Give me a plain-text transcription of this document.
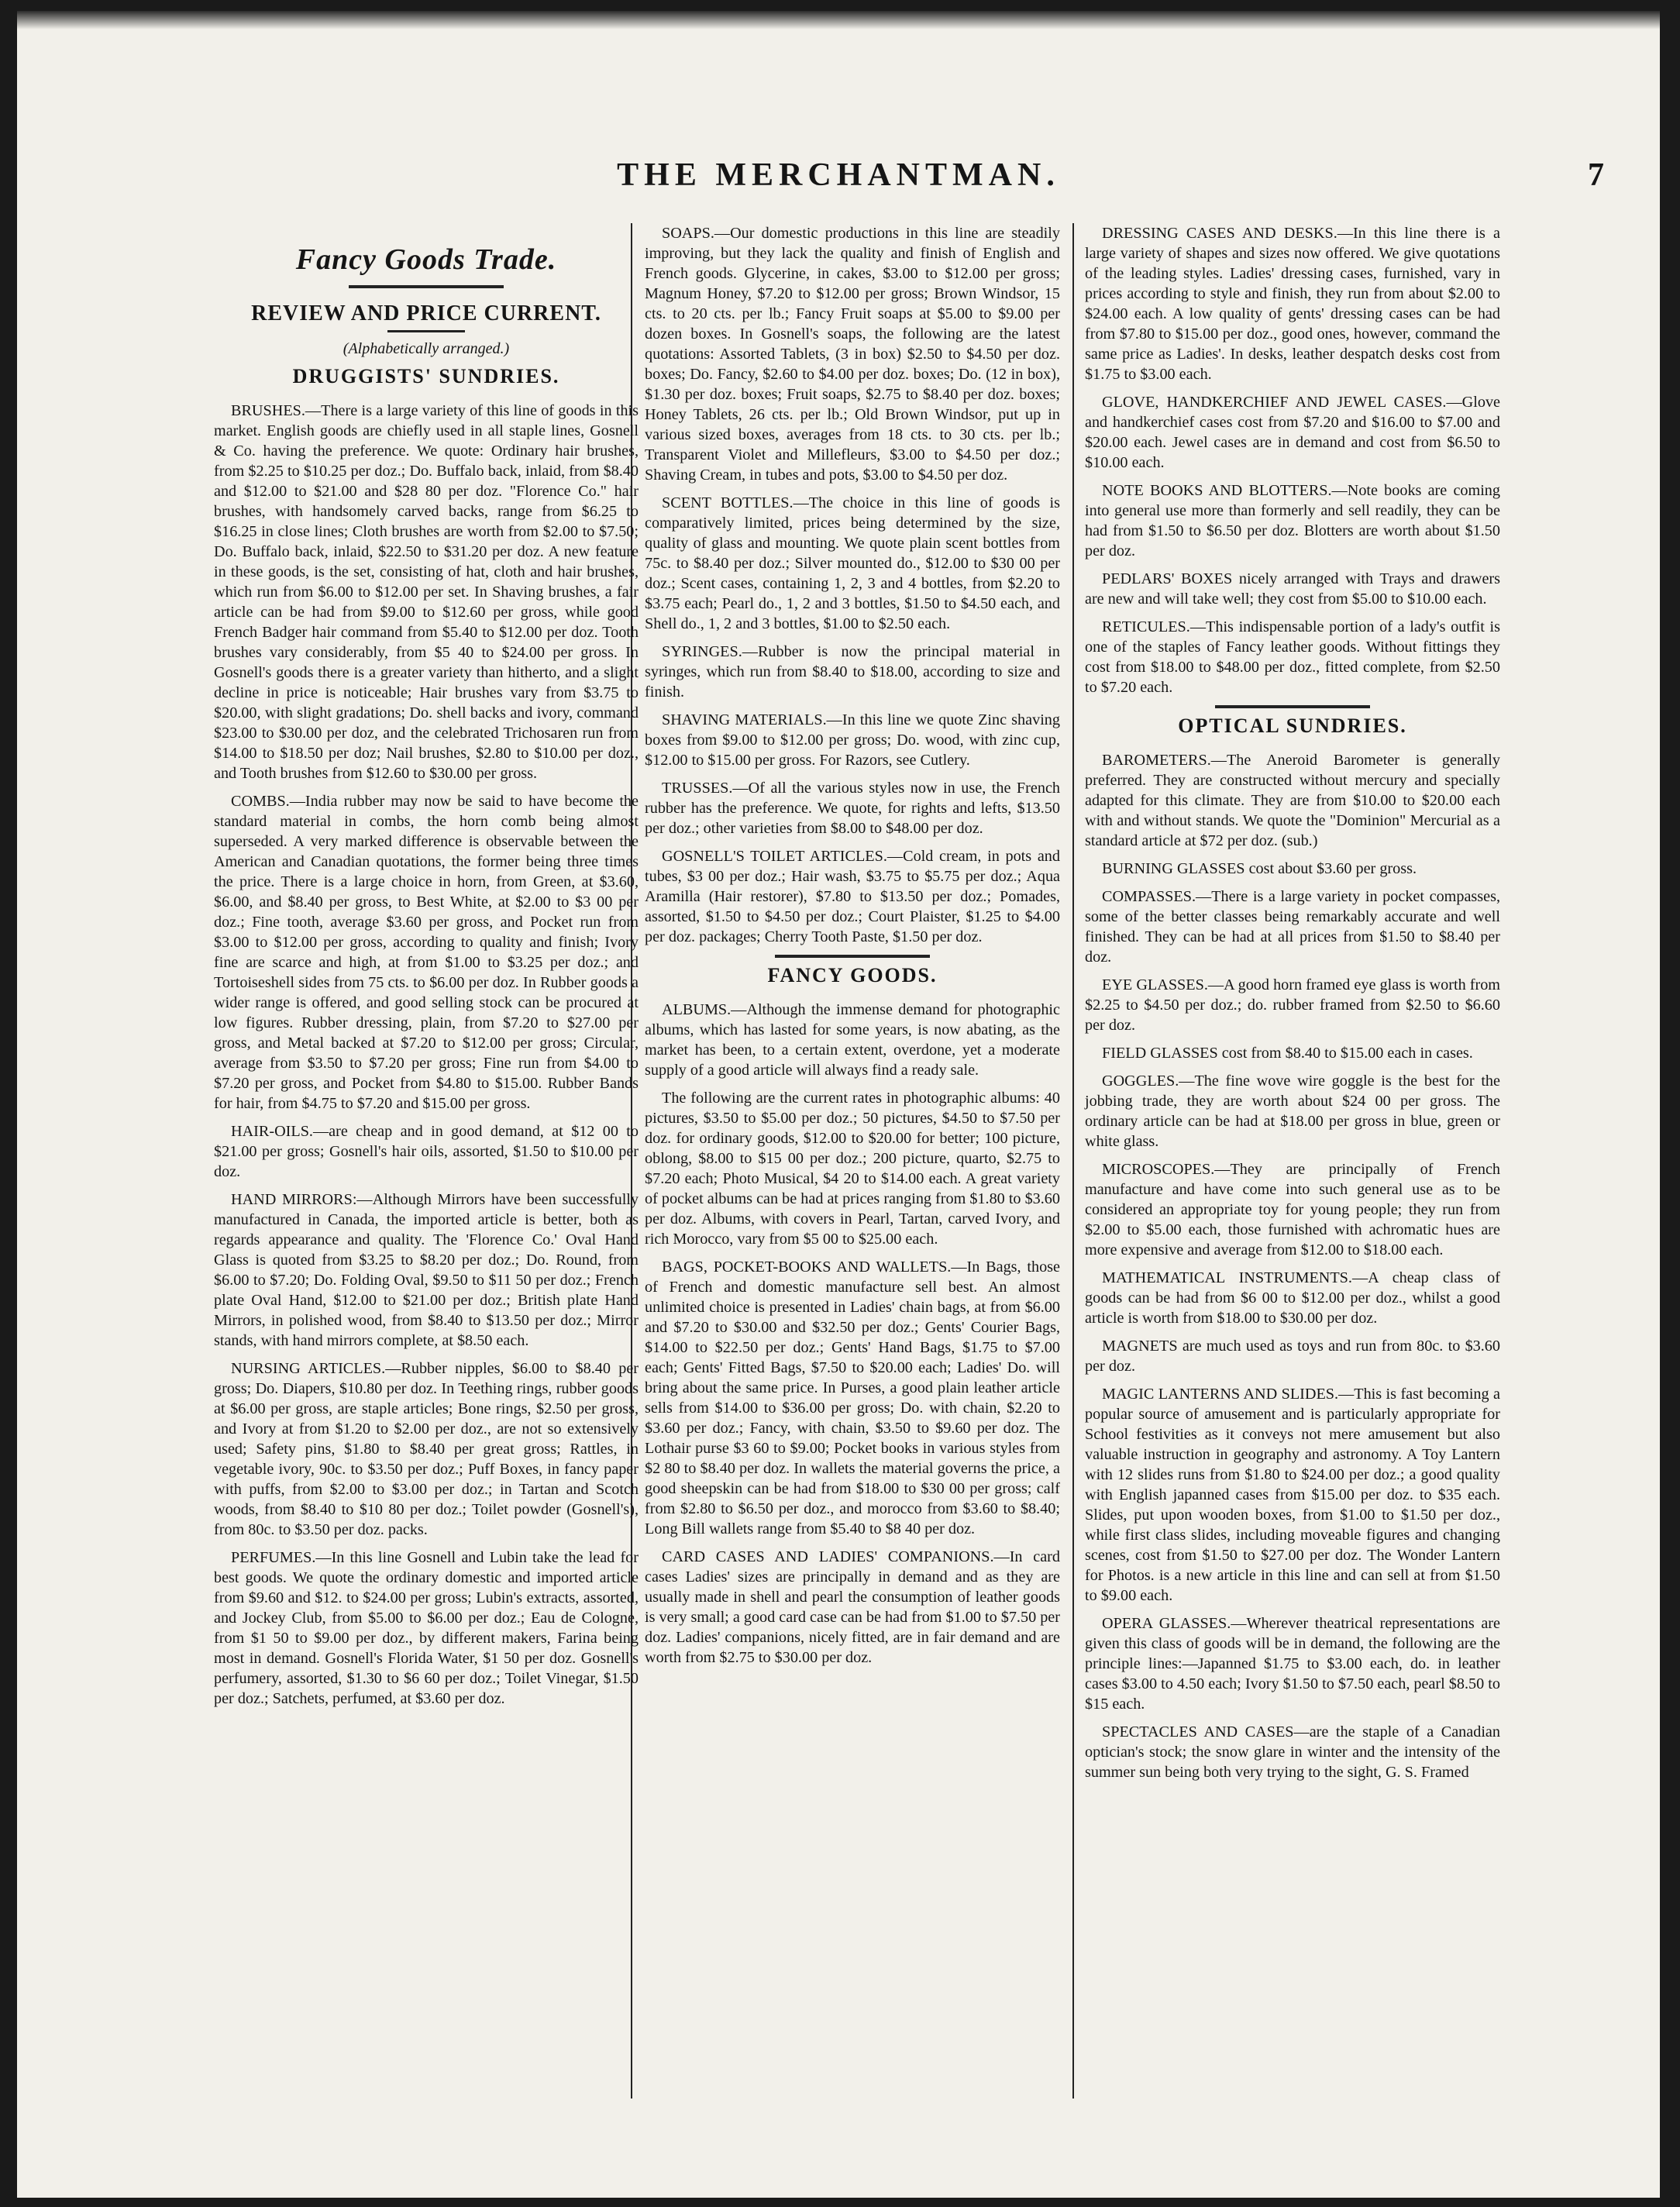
THE MERCHANTMAN.	7
Fancy Goods Trade.
REVIEW AND PRICE CURRENT.
(Alphabetically arranged.)
DRUGGISTS' SUNDRIES.

BRUSHES.—There is a large variety of this line of goods in this market. English goods are chiefly used in all staple lines, Gosnell & Co. having the preference. We quote: Ordinary hair brushes, from $2.25 to $10.25 per doz.; Do. Buffalo back, inlaid, from $8.40 and $12.00 to $21.00 and $28 80 per doz. "Florence Co." hair brushes, with handsomely carved backs, range from $6.25 to $16.25 in close lines; Cloth brushes are worth from $2.00 to $7.50; Do. Buffalo back, inlaid, $22.50 to $31.20 per doz. A new feature in these goods, is the set, consisting of hat, cloth and hair brushes, which run from $6.00 to $12.00 per set. In Shaving brushes, a fair article can be had from $9.00 to $12.60 per gross, while good French Badger hair command from $5.40 to $12.00 per doz. Tooth brushes vary considerably, from $5 40 to $24.00 per gross. In Gosnell's goods there is a greater variety than hitherto, and a slight decline in price is noticeable; Hair brushes vary from $3.75 to $20.00, with slight gradations; Do. shell backs and ivory, command $23.00 to $30.00 per doz, and the celebrated Trichosaren run from $14.00 to $18.50 per doz; Nail brushes, $2.80 to $10.00 per doz., and Tooth brushes from $12.60 to $30.00 per gross.

COMBS.—India rubber may now be said to have become the standard material in combs, the horn comb being almost superseded. A very marked difference is observable between the American and Canadian quotations, the former being three times the price. There is a large choice in horn, from Green, at $3.60, $6.00, and $8.40 per gross, to Best White, at $2.00 to $3 00 per doz.; Fine tooth, average $3.60 per gross, and Pocket run from $3.00 to $12.00 per gross, according to quality and finish; Ivory fine are scarce and high, at from $1.00 to $3.25 per doz.; and Tortoiseshell sides from 75 cts. to $6.00 per doz. In Rubber goods a wider range is offered, and good selling stock can be procured at low figures. Rubber dressing, plain, from $7.20 to $27.00 per gross, and Metal backed at $7.20 to $12.00 per gross; Circular, average from $3.50 to $7.20 per gross; Fine run from $4.00 to $7.20 per gross, and Pocket from $4.80 to $15.00. Rubber Bands for hair, from $4.75 to $7.20 and $15.00 per gross.

HAIR-OILS.—are cheap and in good demand, at $12 00 to $21.00 per gross; Gosnell's hair oils, assorted, $1.50 to $10.00 per doz.

HAND MIRRORS:—Although Mirrors have been successfully manufactured in Canada, the imported article is better, both as regards appearance and quality. The 'Florence Co.' Oval Hand Glass is quoted from $3.25 to $8.20 per doz.; Do. Round, from $6.00 to $7.20; Do. Folding Oval, $9.50 to $11 50 per doz.; French plate Oval Hand, $12.00 to $21.00 per doz.; British plate Hand Mirrors, in polished wood, from $8.40 to $13.50 per doz.; Mirror stands, with hand mirrors complete, at $8.50 each.

NURSING ARTICLES.—Rubber nipples, $6.00 to $8.40 per gross; Do. Diapers, $10.80 per doz. In Teething rings, rubber goods at $6.00 per gross, are staple articles; Bone rings, $2.50 per gross, and Ivory at from $1.20 to $2.00 per doz., are not so extensively used; Safety pins, $1.80 to $8.40 per great gross; Rattles, in vegetable ivory, 90c. to $3.50 per doz.; Puff Boxes, in fancy paper with puffs, from $2.00 to $3.00 per doz.; in Tartan and Scotch woods, from $8.40 to $10 80 per doz.; Toilet powder (Gosnell's), from 80c. to $3.50 per doz. packs.

PERFUMES.—In this line Gosnell and Lubin take the lead for best goods. We quote the ordinary domestic and imported article from $9.60 and $12. to $24.00 per gross; Lubin's extracts, assorted, and Jockey Club, from $5.00 to $6.00 per doz.; Eau de Cologne, from $1 50 to $9.00 per doz., by different makers, Farina being most in demand. Gosnell's Florida Water, $1 50 per doz. Gosnell's perfumery, assorted, $1.30 to $6 60 per doz.; Toilet Vinegar, $1.50 per doz.; Satchets, perfumed, at $3.60 per doz.

SOAPS.—Our domestic productions in this line are steadily improving, but they lack the quality and finish of English and French goods. Glycerine, in cakes, $3.00 to $12.00 per gross; Magnum Honey, $7.20 to $12.00 per gross; Brown Windsor, 15 cts. to 20 cts. per lb.; Fancy Fruit soaps at $5.00 to $9.00 per dozen boxes. In Gosnell's soaps, the following are the latest quotations: Assorted Tablets, (3 in box) $2.50 to $4.50 per doz. boxes; Do. Fancy, $2.60 to $4.00 per doz. boxes; Do. (12 in box), $1.30 per doz. boxes; Fruit soaps, $2.75 to $8.40 per doz. boxes; Honey Tablets, 26 cts. per lb.; Old Brown Windsor, put up in various sized boxes, averages from 18 cts. to 30 cts. per lb.; Transparent Violet and Millefleurs, $3.00 to $4.50 per doz.; Shaving Cream, in tubes and pots, $3.00 to $4.50 per doz.

SCENT BOTTLES.—The choice in this line of goods is comparatively limited, prices being determined by the size, quality of glass and mounting. We quote plain scent bottles from 75c. to $8.40 per doz.; Silver mounted do., $12.00 to $30 00 per doz.; Scent cases, containing 1, 2, 3 and 4 bottles, from $2.20 to $3.75 each; Pearl do., 1, 2 and 3 bottles, $1.50 to $4.50 each, and Shell do., 1, 2 and 3 bottles, $1.00 to $2.50 each.

SYRINGES.—Rubber is now the principal material in syringes, which run from $8.40 to $18.00, according to size and finish.

SHAVING MATERIALS.—In this line we quote Zinc shaving boxes from $9.00 to $12.00 per gross; Do. wood, with zinc cup, $12.00 to $15.00 per gross. For Razors, see Cutlery.

TRUSSES.—Of all the various styles now in use, the French rubber has the preference. We quote, for rights and lefts, $13.50 per doz.; other varieties from $8.00 to $48.00 per doz.

GOSNELL'S TOILET ARTICLES.—Cold cream, in pots and tubes, $3 00 per doz.; Hair wash, $3.75 to $5.75 per doz.; Aqua Aramilla (Hair restorer), $7.80 to $13.50 per doz.; Pomades, assorted, $1.50 to $4.50 per doz.; Court Plaister, $1.25 to $4.00 per doz. packages; Cherry Tooth Paste, $1.50 per doz.

FANCY GOODS.

ALBUMS.—Although the immense demand for photographic albums, which has lasted for some years, is now abating, as the market has been, to a certain extent, overdone, yet a moderate supply of a good article will always find a ready sale.

The following are the current rates in photographic albums: 40 pictures, $3.50 to $5.00 per doz.; 50 pictures, $4.50 to $7.50 per doz. for ordinary goods, $12.00 to $20.00 for better; 100 picture, oblong, $8.00 to $15 00 per doz.; 200 picture, quarto, $2.75 to $7.20 each; Photo Musical, $4 20 to $14.00 each. A great variety of pocket albums can be had at prices ranging from $1.80 to $3.60 per doz. Albums, with covers in Pearl, Tartan, carved Ivory, and rich Morocco, vary from $5 00 to $25.00 each.

BAGS, POCKET-BOOKS AND WALLETS.—In Bags, those of French and domestic manufacture sell best. An almost unlimited choice is presented in Ladies' chain bags, at from $6.00 and $7.20 to $30.00 and $32.50 per doz.; Gents' Courier Bags, $14.00 to $22.50 per doz.; Gents' Hand Bags, $1.75 to $7.00 each; Gents' Fitted Bags, $7.50 to $20.00 each; Ladies' Do. will bring about the same price. In Purses, a good plain leather article sells from $14.00 to $36.00 per gross; Do. with chain, $2.20 to $3.60 per doz.; Fancy, with chain, $3.50 to $9.60 per doz. The Lothair purse $3 60 to $9.00; Pocket books in various styles from $2 80 to $8.40 per doz. In wallets the material governs the price, a good sheepskin can be had from $18.00 to $30 00 per gross; calf from $2.80 to $6.50 per doz., and morocco from $3.60 to $8.40; Long Bill wallets range from $5.40 to $8 40 per doz.

CARD CASES AND LADIES' COMPANIONS.—In card cases Ladies' sizes are principally in demand and as they are usually made in shell and pearl the consumption of leather goods is very small; a good card case can be had from $1.00 to $7.50 per doz. Ladies' companions, nicely fitted, are in fair demand and are worth from $2.75 to $30.00 per doz.

DRESSING CASES AND DESKS.—In this line there is a large variety of shapes and sizes now offered. We give quotations of the leading styles. Ladies' dressing cases, furnished, vary in prices according to style and finish, they run from about $2.00 to $24.00 each. A low quality of gents' dressing cases can be had from $7.80 to $15.00 per doz., good ones, however, command the same price as Ladies'. In desks, leather despatch desks cost from $1.75 to $3.00 each.

GLOVE, HANDKERCHIEF AND JEWEL CASES.—Glove and handkerchief cases cost from $7.20 and $16.00 to $7.00 and $20.00 each. Jewel cases are in demand and cost from $6.50 to $10.00 each.

NOTE BOOKS AND BLOTTERS.—Note books are coming into general use more than formerly and sell readily, they can be had from $1.50 to $6.50 per doz. Blotters are worth about $1.50 per doz.

PEDLARS' BOXES nicely arranged with Trays and drawers are new and will take well; they cost from $5.00 to $10.00 each.

RETICULES.—This indispensable portion of a lady's outfit is one of the staples of Fancy leather goods. Without fittings they cost from $18.00 to $48.00 per doz., fitted complete, from $2.50 to $7.20 each.

OPTICAL SUNDRIES.

BAROMETERS.—The Aneroid Barometer is generally preferred. They are constructed without mercury and specially adapted for this climate. They are from $10.00 to $20.00 each with and without stands. We quote the "Dominion" Mercurial as a standard article at $72 per doz. (sub.)

BURNING GLASSES cost about $3.60 per gross.

COMPASSES.—There is a large variety in pocket compasses, some of the better classes being remarkably accurate and well finished. They can be had at all prices from $1.50 to $8.40 per doz.

EYE GLASSES.—A good horn framed eye glass is worth from $2.25 to $4.50 per doz.; do. rubber framed from $2.50 to $6.60 per doz.

FIELD GLASSES cost from $8.40 to $15.00 each in cases.

GOGGLES.—The fine wove wire goggle is the best for the jobbing trade, they are worth about $24 00 per gross. The ordinary article can be had at $18.00 per gross in blue, green or white glass.

MICROSCOPES.—They are principally of French manufacture and have come into such general use as to be considered an appropriate toy for young people; they run from $2.00 to $5.00 each, those furnished with achromatic hues are more expensive and average from $12.00 to $18.00 each.

MATHEMATICAL INSTRUMENTS.—A cheap class of goods can be had from $6 00 to $12.00 per doz., whilst a good article is worth from $18.00 to $30.00 per doz.

MAGNETS are much used as toys and run from 80c. to $3.60 per doz.

MAGIC LANTERNS AND SLIDES.—This is fast becoming a popular source of amusement and is particularly appropriate for School festivities as it conveys not mere amusement but also valuable instruction in geography and astronomy. A Toy Lantern with 12 slides runs from $1.80 to $24.00 per doz.; a good quality with English japanned cases from $15.00 per doz. to $35 each. Slides, put upon wooden boxes, from $1.00 to $1.50 per doz., while first class slides, including moveable figures and changing scenes, cost from $1.50 to $27.00 per doz. The Wonder Lantern for Photos. is a new article in this line and can sell at from $1.50 to $9.00 each.

OPERA GLASSES.—Wherever theatrical representations are given this class of goods will be in demand, the following are the principle lines:—Japanned $1.75 to $3.00 each, do. in leather cases $3.00 to 4.50 each; Ivory $1.50 to $7.50 each, pearl $8.50 to $15 each.

SPECTACLES AND CASES—are the staple of a Canadian optician's stock; the snow glare in winter and the intensity of the summer sun being both very trying to the sight, G. S. Framed
